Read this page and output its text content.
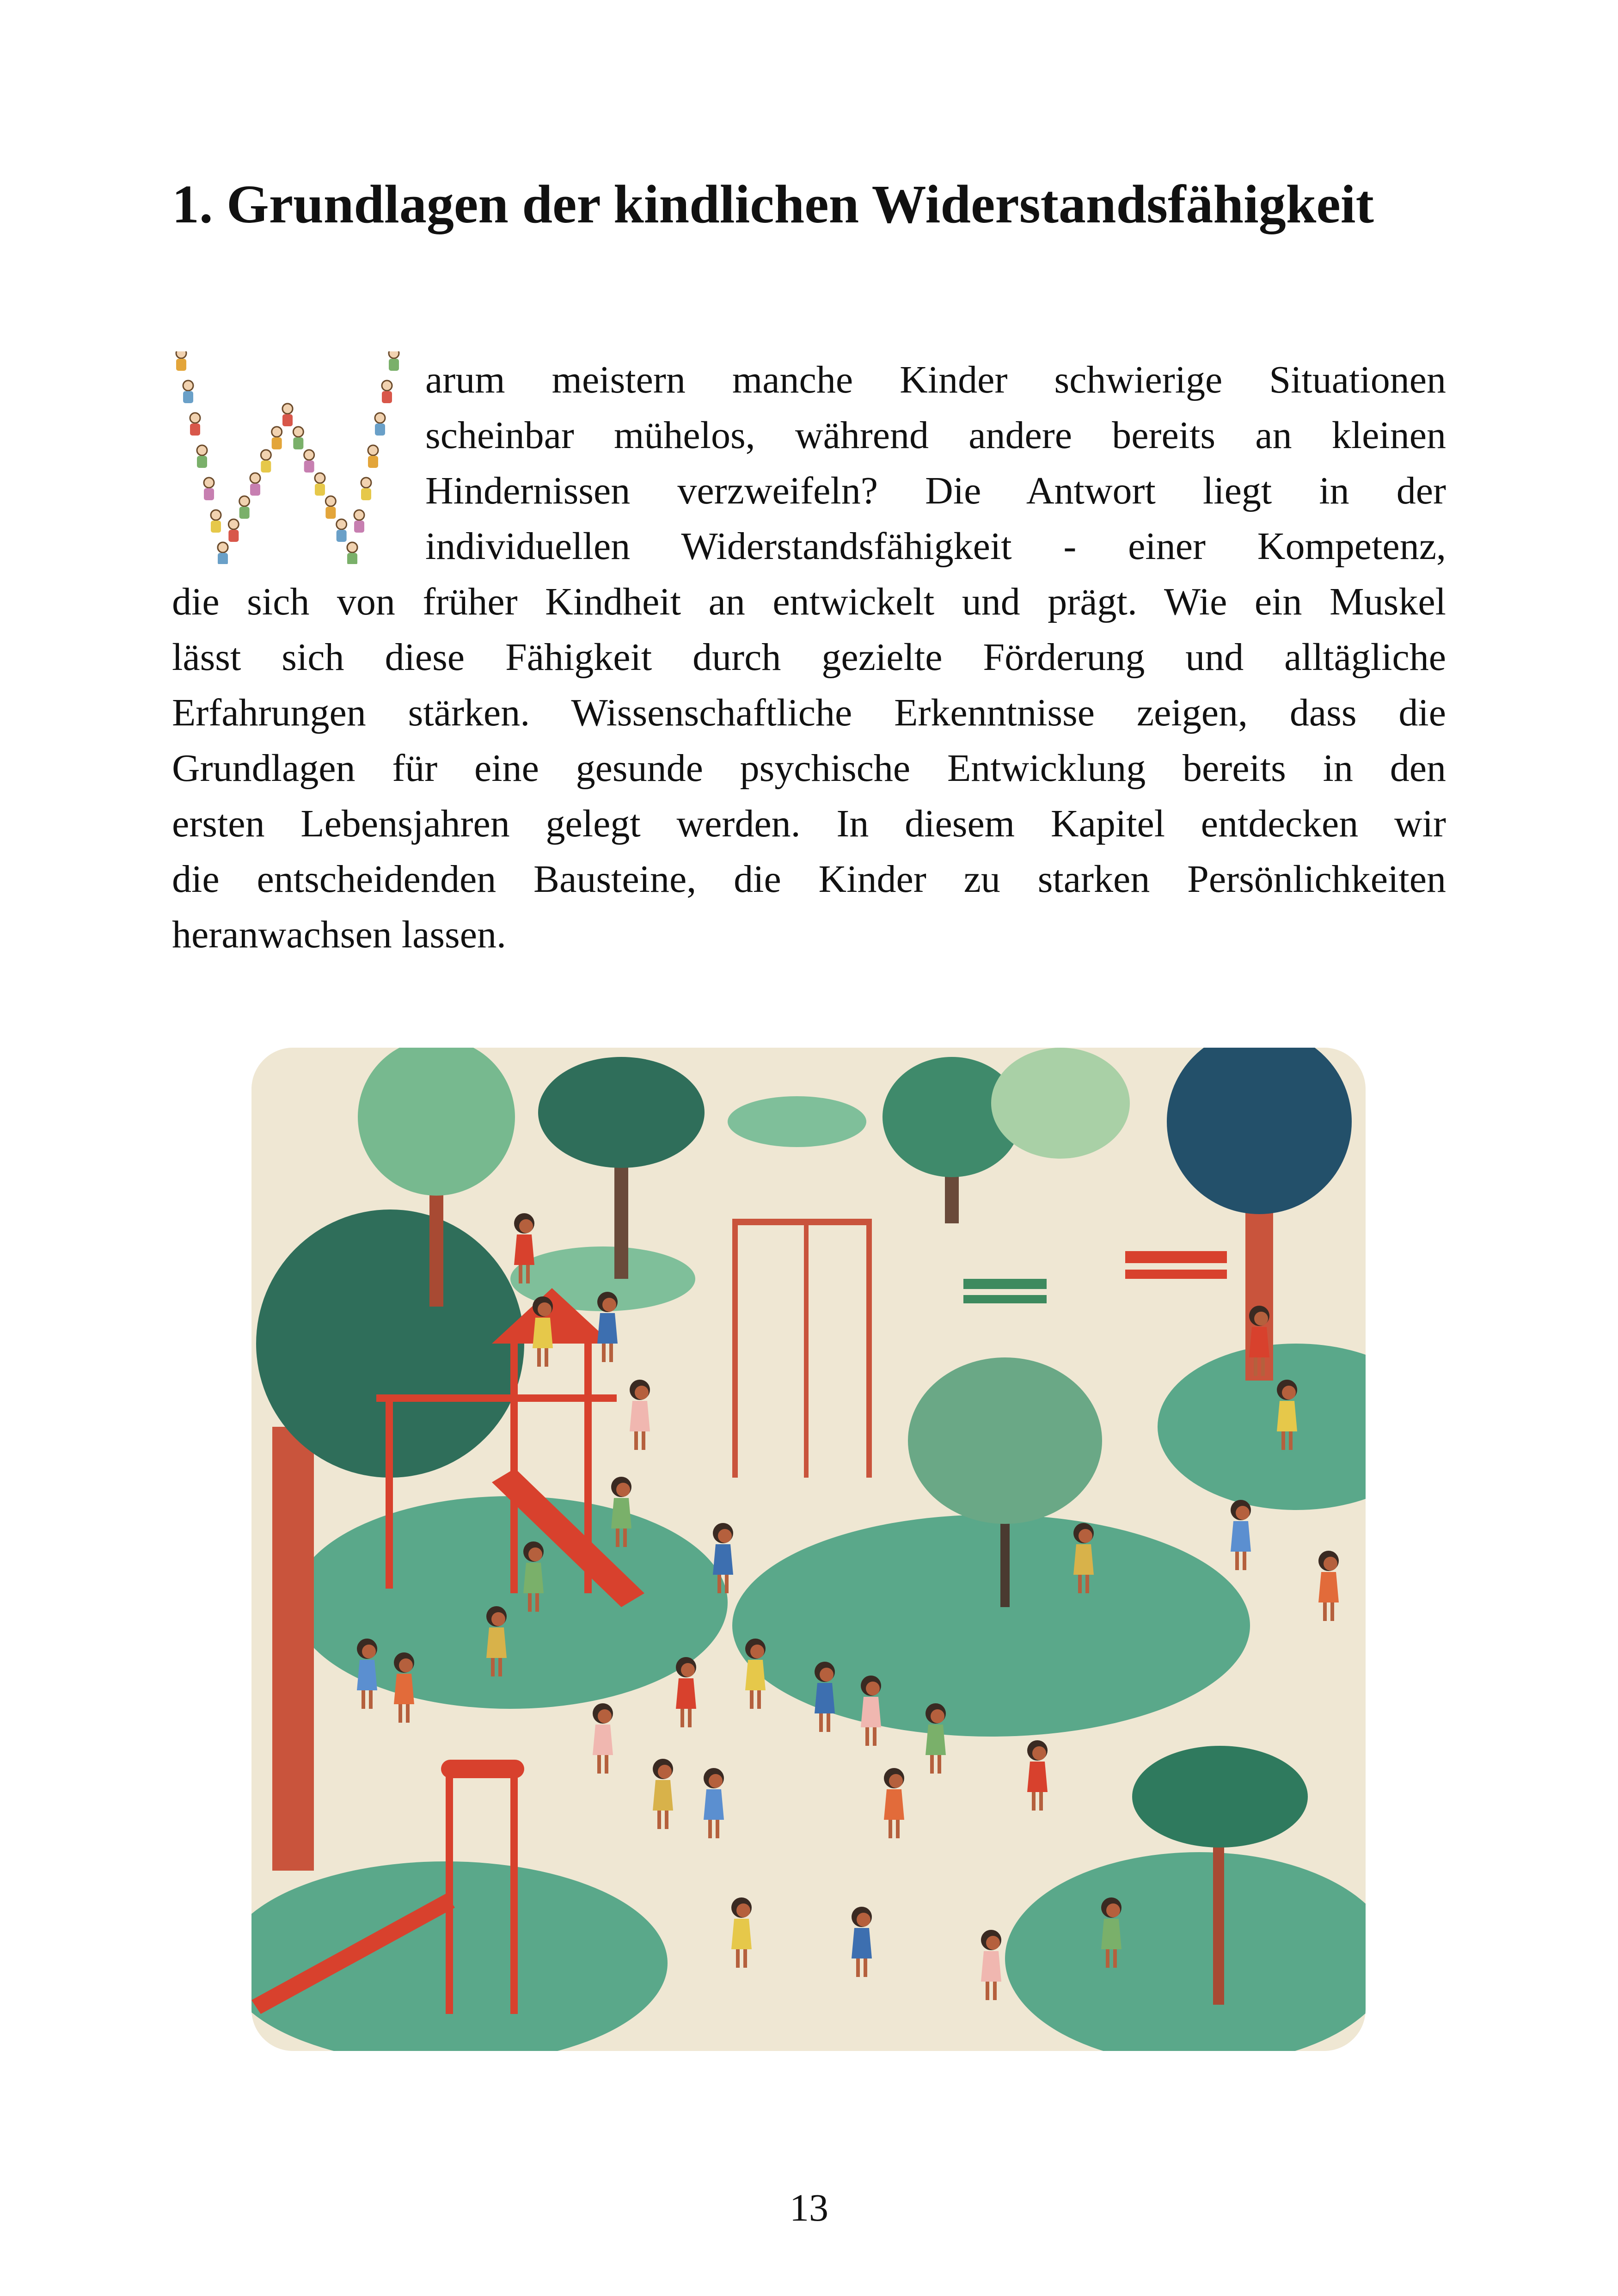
1. Grundlagen der kindlichen Widerstandsfähigkeit
arum meistern manche Kinder schwierige Situationen
scheinbar mühelos, während andere bereits an kleinen
Hindernissen verzweifeln? Die Antwort liegt in der
individuellen Widerstandsfähigkeit - einer Kompetenz,
die sich von früher Kindheit an entwickelt und prägt. Wie ein Muskel
lässt sich diese Fähigkeit durch gezielte Förderung und alltägliche
Erfahrungen stärken. Wissenschaftliche Erkenntnisse zeigen, dass die
Grundlagen für eine gesunde psychische Entwicklung bereits in den
ersten Lebensjahren gelegt werden. In diesem Kapitel entdecken wir
die entscheidenden Bausteine, die Kinder zu starken Persönlichkeiten
heranwachsen lassen.
13
